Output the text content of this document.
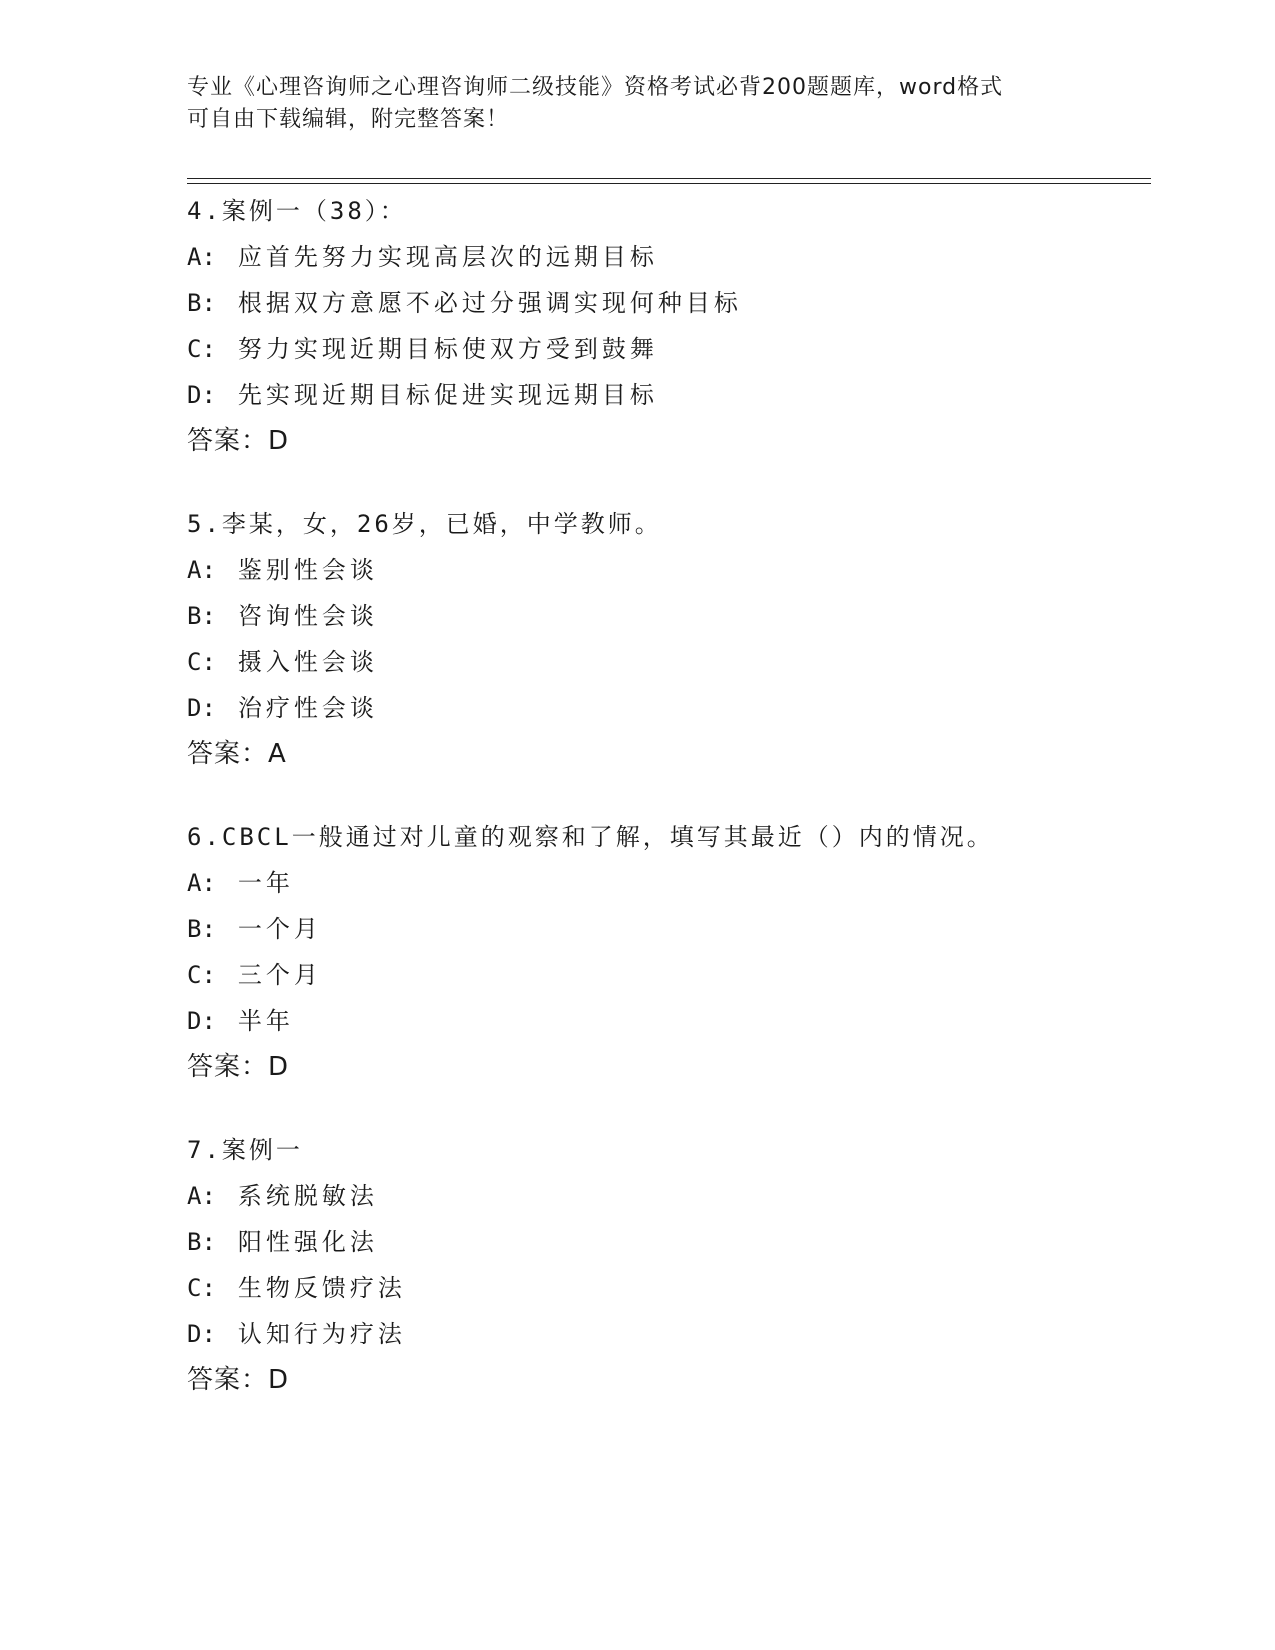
专业《心理咨询师之心理咨询师二级技能》资格考试必背200题题库，word格式
可自由下载编辑，附完整答案！
4.案例一（38）：
A: 应首先努力实现高层次的远期目标
B: 根据双方意愿不必过分强调实现何种目标
C: 努力实现近期目标使双方受到鼓舞
D: 先实现近期目标促进实现远期目标
答案：D
5.李某，女，26岁，已婚，中学教师。
A: 鉴别性会谈
B: 咨询性会谈
C: 摄入性会谈
D: 治疗性会谈
答案：A
6.CBCL一般通过对儿童的观察和了解，填写其最近（）内的情况。
A: 一年
B: 一个月
C: 三个月
D: 半年
答案：D
7.案例一
A: 系统脱敏法
B: 阳性强化法
C: 生物反馈疗法
D: 认知行为疗法
答案：D
